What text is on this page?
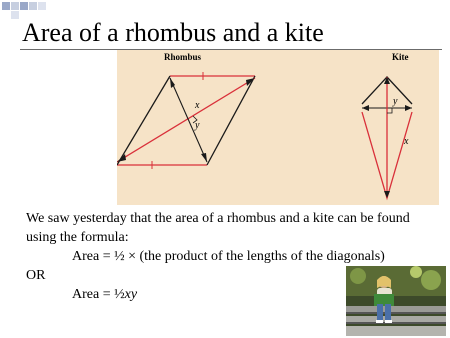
Area of a rhombus and a kite
Rhombus	Kite
x
y
y
x
We saw yesterday that the area of a rhombus and a kite can be found
using the formula:
Area = ½ × (the product of the lengths of the diagonals)
OR
Area = ½xy
